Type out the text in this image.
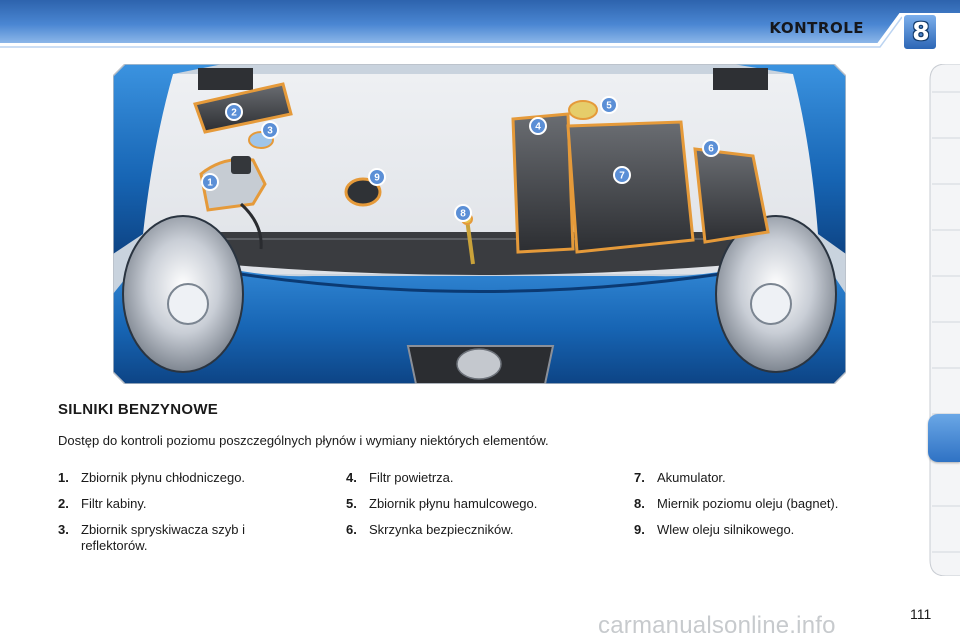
KONTROLE 8
1
2
3	4
5
6
7
8
9
SILNIKI BENZYNOWE
Dostęp do kontroli poziomu poszczególnych płynów i wymiany niektórych elementów.
1. Zbiornik płynu chłodniczego.
2. Filtr kabiny.
3. Zbiornik spryskiwacza szyb i reflektorów.
4. Filtr powietrza.
5. Zbiornik płynu hamulcowego.
6. Skrzynka bezpieczników.
7. Akumulator.
8. Miernik poziomu oleju (bagnet).
9. Wlew oleju silnikowego.
111
carmanualsonline.info
